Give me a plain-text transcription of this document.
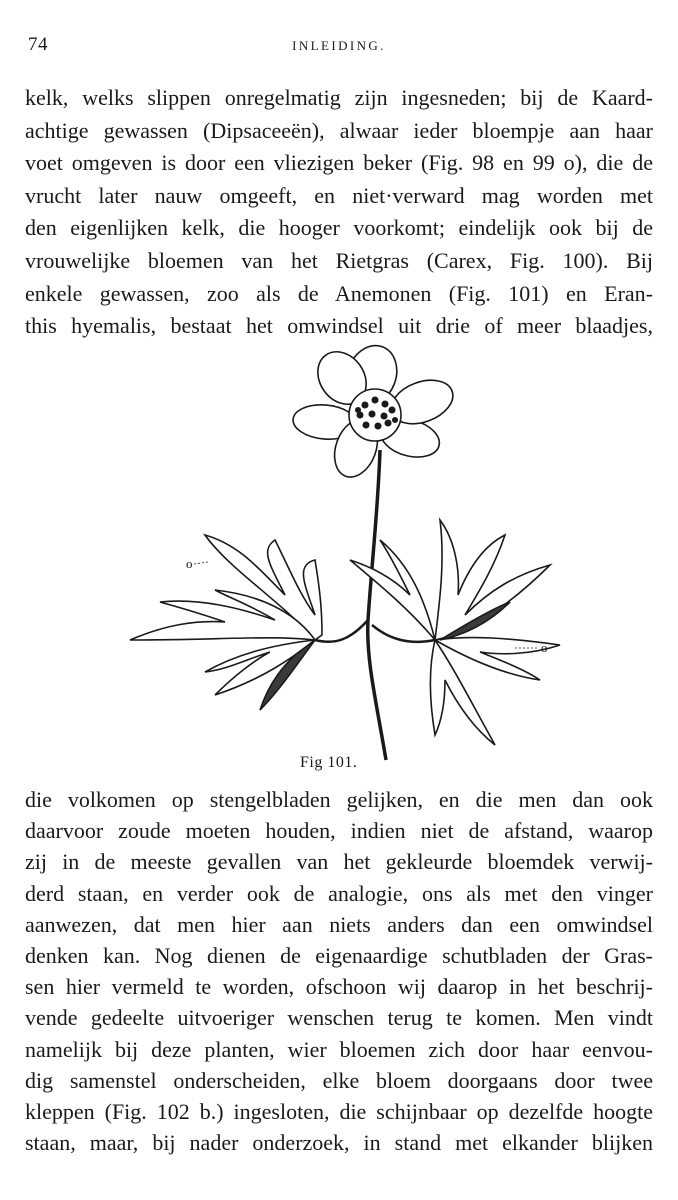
74	INLEIDING.
kelk, welks slippen onregelmatig zijn ingesneden; bij de Kaard-
achtige gewassen (Dipsaceeën), alwaar ieder bloempje aan haar
voet omgeven is door een vliezigen beker (Fig. 98 en 99 o), die de
vrucht later nauw omgeeft, en niet·verward mag worden met
den eigenlijken kelk, die hooger voorkomt; eindelijk ook bij de
vrouwelijke bloemen van het Rietgras (Carex, Fig. 100). Bij
enkele gewassen, zoo als de Anemonen (Fig. 101) en Eran-
this hyemalis, bestaat het omwindsel uit drie of meer blaadjes,
o
o
Fig 101.
die volkomen op stengelbladen gelijken, en die men dan ook
daarvoor zoude moeten houden, indien niet de afstand, waarop
zij in de meeste gevallen van het gekleurde bloemdek verwij-
derd staan, en verder ook de analogie, ons als met den vinger
aanwezen, dat men hier aan niets anders dan een omwindsel
denken kan. Nog dienen de eigenaardige schutbladen der Gras-
sen hier vermeld te worden, ofschoon wij daarop in het beschrij-
vende gedeelte uitvoeriger wenschen terug te komen. Men vindt
namelijk bij deze planten, wier bloemen zich door haar eenvou-
dig samenstel onderscheiden, elke bloem doorgaans door twee
kleppen (Fig. 102 b.) ingesloten, die schijnbaar op dezelfde hoogte
staan, maar, bij nader onderzoek, in stand met elkander blijken
